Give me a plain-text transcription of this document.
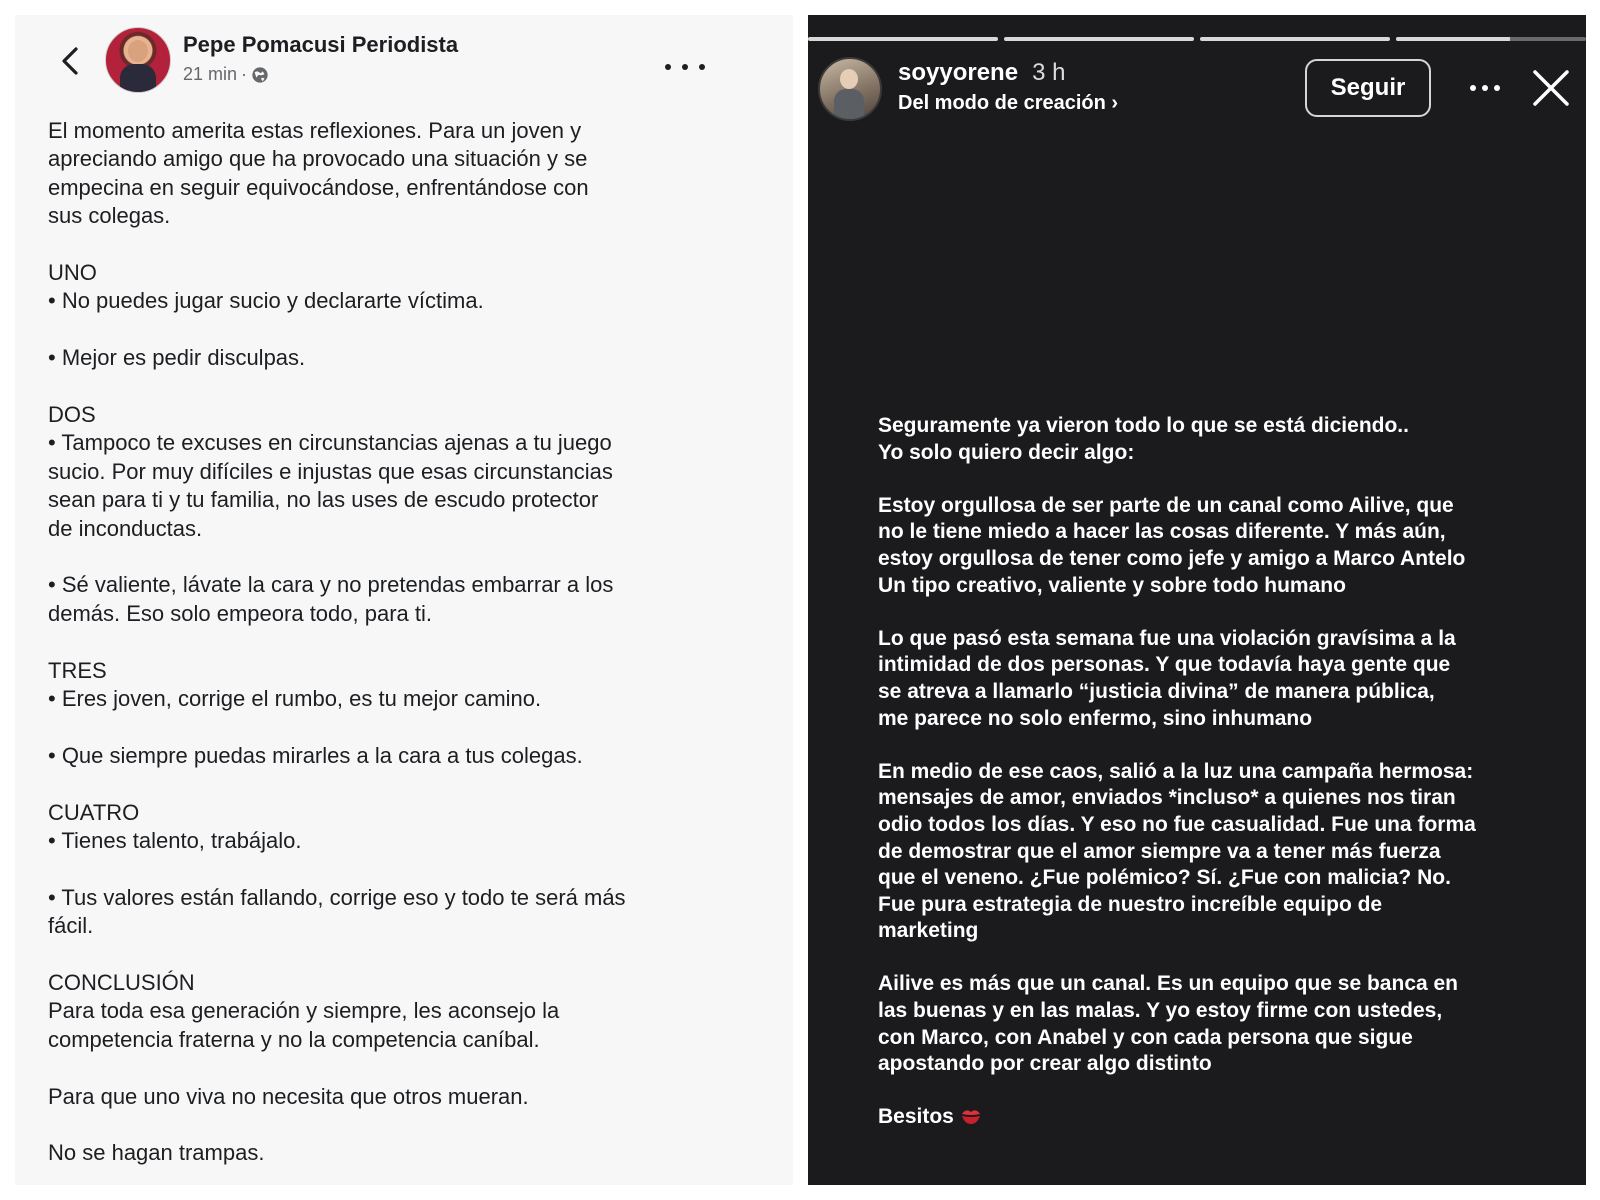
Pepe Pomacusi Periodista
21 min ·

El momento amerita estas reflexiones. Para un joven y
apreciando amigo que ha provocado una situación y se
empecina en seguir equivocándose, enfrentándose con
sus colegas.

UNO
• No puedes jugar sucio y declararte víctima.

• Mejor es pedir disculpas.

DOS
• Tampoco te excuses en circunstancias ajenas a tu juego
sucio. Por muy difíciles e injustas que esas circunstancias
sean para ti y tu familia, no las uses de escudo protector
de inconductas.

• Sé valiente, lávate la cara y no pretendas embarrar a los
demás. Eso solo empeora todo, para ti.

TRES
• Eres joven, corrige el rumbo, es tu mejor camino.

• Que siempre puedas mirarles a la cara a tus colegas.

CUATRO
• Tienes talento, trabájalo.

• Tus valores están fallando, corrige eso y todo te será más
fácil.

CONCLUSIÓN
Para toda esa generación y siempre, les aconsejo la
competencia fraterna y no la competencia caníbal.

Para que uno viva no necesita que otros mueran.

No se hagan trampas.

soyyorene 3 h
Del modo de creación ›
Seguir

Seguramente ya vieron todo lo que se está diciendo..
Yo solo quiero decir algo:

Estoy orgullosa de ser parte de un canal como Ailive, que
no le tiene miedo a hacer las cosas diferente. Y más aún,
estoy orgullosa de tener como jefe y amigo a Marco Antelo
Un tipo creativo, valiente y sobre todo humano

Lo que pasó esta semana fue una violación gravísima a la
intimidad de dos personas. Y que todavía haya gente que
se atreva a llamarlo “justicia divina” de manera pública,
me parece no solo enfermo, sino inhumano

En medio de ese caos, salió a la luz una campaña hermosa:
mensajes de amor, enviados *incluso* a quienes nos tiran
odio todos los días. Y eso no fue casualidad. Fue una forma
de demostrar que el amor siempre va a tener más fuerza
que el veneno. ¿Fue polémico? Sí. ¿Fue con malicia? No.
Fue pura estrategia de nuestro increíble equipo de
marketing

Ailive es más que un canal. Es un equipo que se banca en
las buenas y en las malas. Y yo estoy firme con ustedes,
con Marco, con Anabel y con cada persona que sigue
apostando por crear algo distinto

Besitos
